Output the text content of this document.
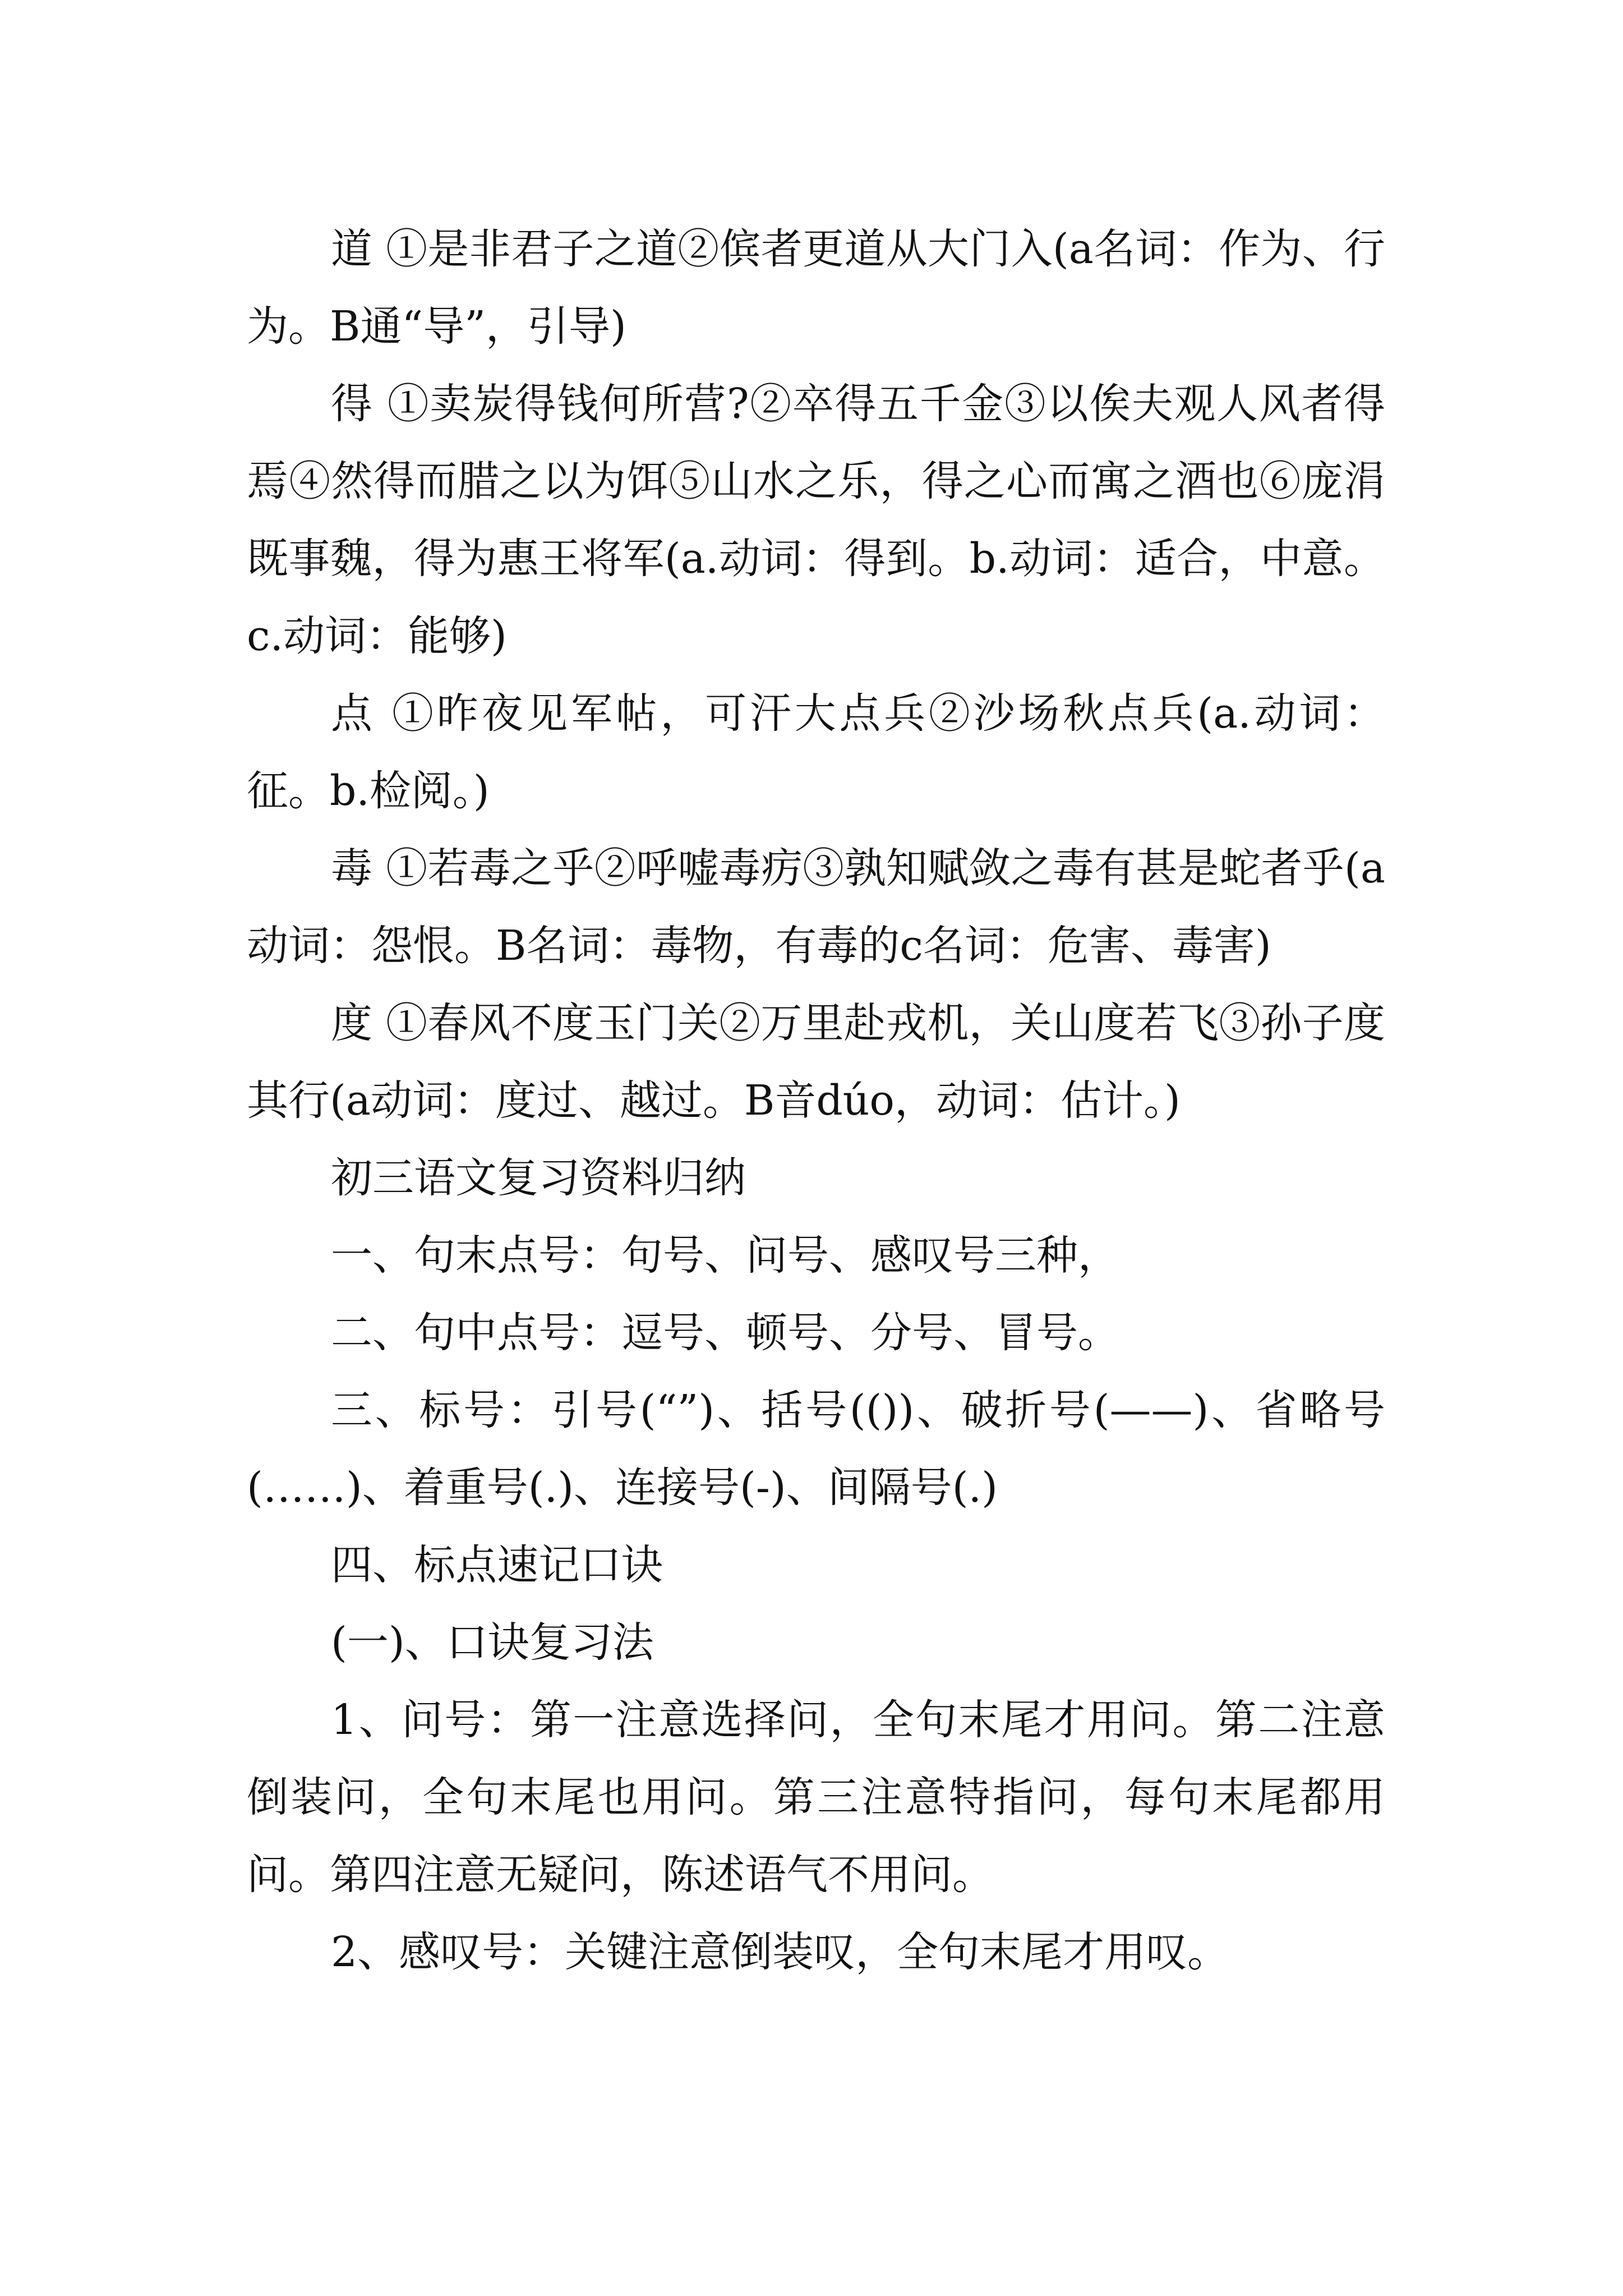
道 ①是非君子之道②傧者更道从大门入(a名词：作为、行为。B通“导”，引导)

得 ①卖炭得钱何所营?②卒得五千金③以俟夫观人风者得焉④然得而腊之以为饵⑤山水之乐，得之心而寓之酒也⑥庞涓既事魏，得为惠王将军(a.动词：得到。b.动词：适合，中意。c.动词：能够)

点 ①昨夜见军帖，可汗大点兵②沙场秋点兵(a.动词：征。b.检阅。)

毒 ①若毒之乎②呼嘘毒疠③孰知赋敛之毒有甚是蛇者乎(a动词：怨恨。B名词：毒物，有毒的c名词：危害、毒害)

度 ①春风不度玉门关②万里赴戎机，关山度若飞③孙子度其行(a动词：度过、越过。B音dúo，动词：估计。)

初三语文复习资料归纳

一、句末点号：句号、问号、感叹号三种，

二、句中点号：逗号、顿号、分号、冒号。

三、标号：引号(“”)、括号(())、破折号(——)、省略号(……)、着重号(.)、连接号(-)、间隔号(.)

四、标点速记口诀

(一)、口诀复习法

1、问号：第一注意选择问，全句末尾才用问。第二注意倒装问，全句末尾也用问。第三注意特指问，每句末尾都用问。第四注意无疑问，陈述语气不用问。

2、感叹号：关键注意倒装叹，全句末尾才用叹。
